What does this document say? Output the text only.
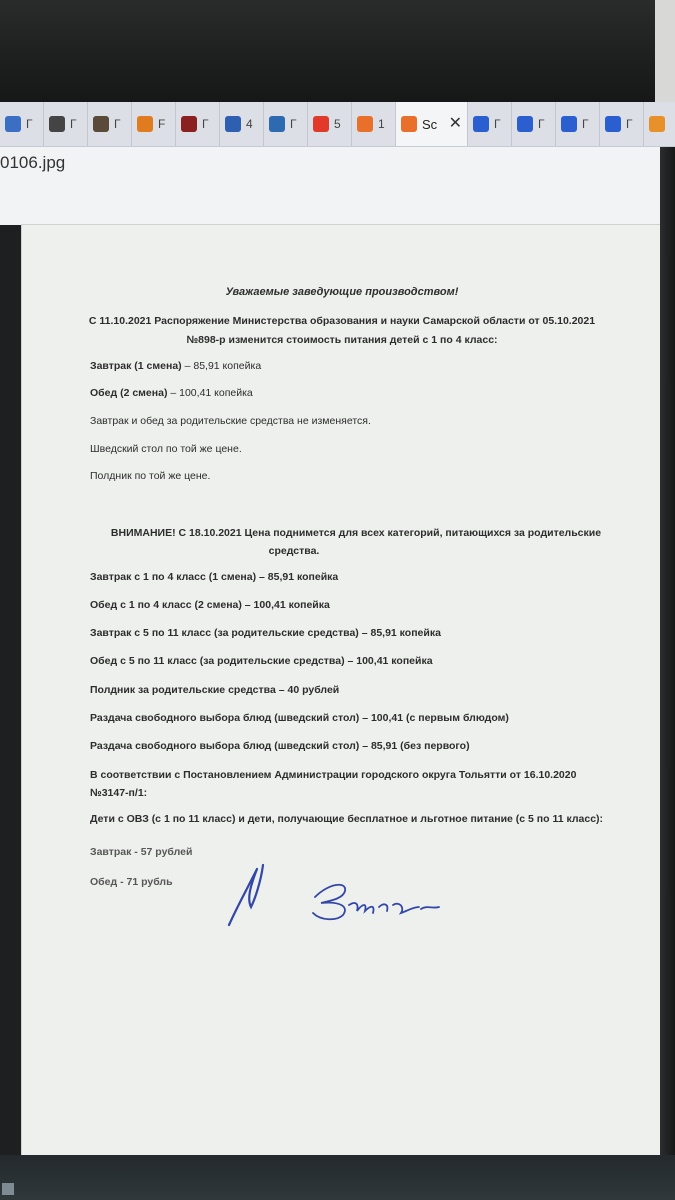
Г	Г	Г	F	Г	4	Г	5	1	Sc ✕	Г	Г	Г	Г
0106.jpg
Уважаемые заведующие производством!
С 11.10.2021 Распоряжение Министерства образования и науки Самарской области от 05.10.2021
№898-р изменится стоимость питания детей с 1 по 4 класс:
Завтрак (1 смена) – 85,91 копейка
Обед (2 смена) – 100,41 копейка
Завтрак и обед за родительские средства не изменяется.
Шведский стол по той же цене.
Полдник по той же цене.
ВНИМАНИЕ! С 18.10.2021 Цена поднимется для всех категорий, питающихся за родительские
средства.
Завтрак с 1 по 4 класс (1 смена) – 85,91 копейка
Обед с 1 по 4 класс (2 смена) – 100,41 копейка
Завтрак с 5 по 11 класс (за родительские средства) – 85,91 копейка
Обед с 5 по 11 класс (за родительские средства) – 100,41 копейка
Полдник за родительские средства – 40 рублей
Раздача свободного выбора блюд (шведский стол) – 100,41 (с первым блюдом)
Раздача свободного выбора блюд (шведский стол) – 85,91 (без первого)
В соответствии с Постановлением Администрации городского округа Тольятти от 16.10.2020
№3147-п/1:
Дети с ОВЗ (с 1 по 11 класс) и дети, получающие бесплатное и льготное питание (с 5 по 11 класс):
Завтрак - 57 рублей
Обед - 71 рубль
